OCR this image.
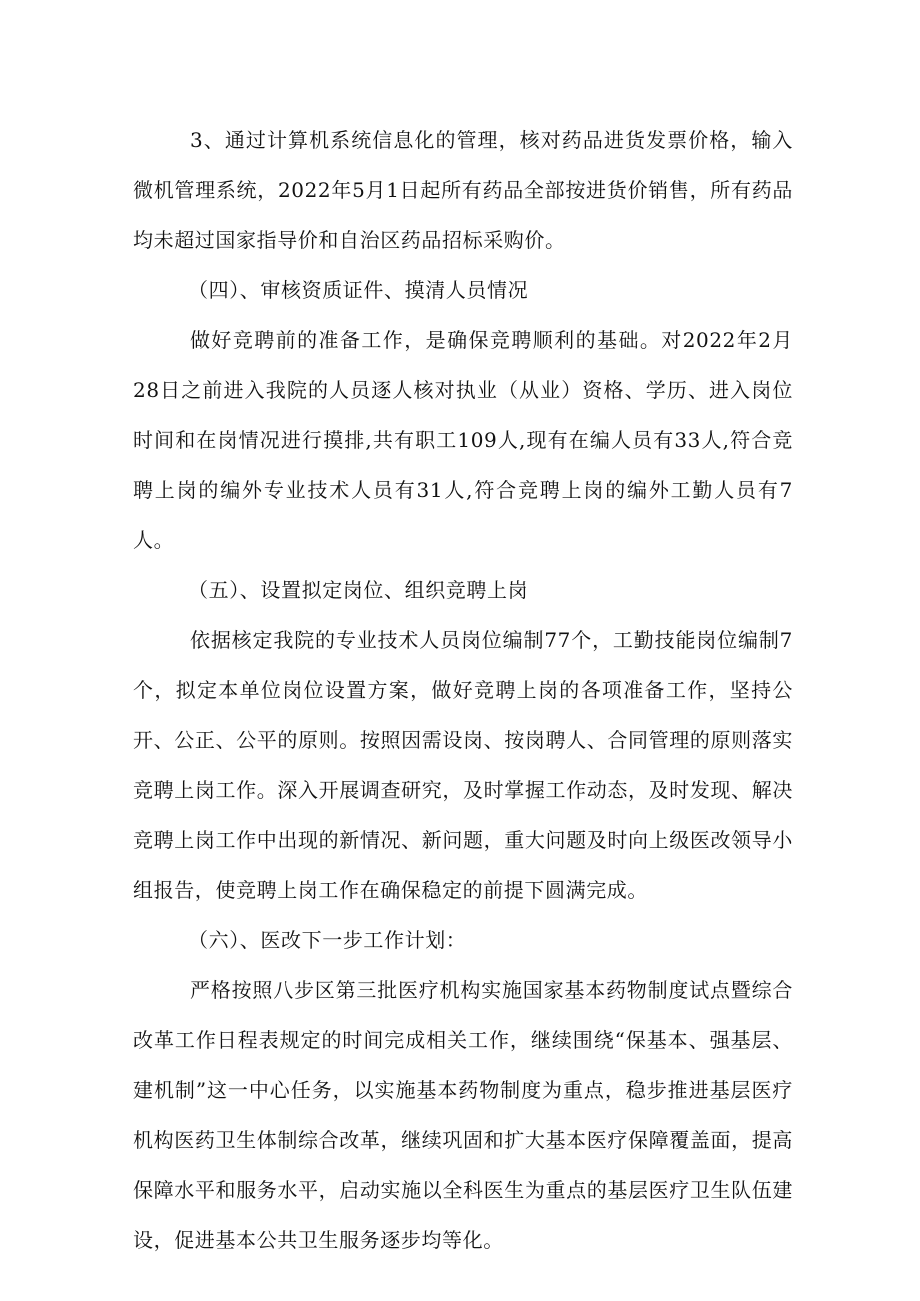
3、通过计算机系统信息化的管理，核对药品进货发票价格，输入微机管理系统，2022年5月1日起所有药品全部按进货价销售，所有药品均未超过国家指导价和自治区药品招标采购价。

（四）、审核资质证件、摸清人员情况

做好竞聘前的准备工作，是确保竞聘顺利的基础。对2022年2月28日之前进入我院的人员逐人核对执业（从业）资格、学历、进入岗位时间和在岗情况进行摸排,共有职工109人,现有在编人员有33人,符合竞聘上岗的编外专业技术人员有31人,符合竞聘上岗的编外工勤人员有7人。

（五）、设置拟定岗位、组织竞聘上岗

依据核定我院的专业技术人员岗位编制77个，工勤技能岗位编制7个，拟定本单位岗位设置方案，做好竞聘上岗的各项准备工作，坚持公开、公正、公平的原则。按照因需设岗、按岗聘人、合同管理的原则落实竞聘上岗工作。深入开展调查研究，及时掌握工作动态，及时发现、解决竞聘上岗工作中出现的新情况、新问题，重大问题及时向上级医改领导小组报告，使竞聘上岗工作在确保稳定的前提下圆满完成。

（六）、医改下一步工作计划：

严格按照八步区第三批医疗机构实施国家基本药物制度试点暨综合改革工作日程表规定的时间完成相关工作，继续围绕“保基本、强基层、建机制”这一中心任务，以实施基本药物制度为重点，稳步推进基层医疗机构医药卫生体制综合改革，继续巩固和扩大基本医疗保障覆盖面，提高保障水平和服务水平，启动实施以全科医生为重点的基层医疗卫生队伍建设，促进基本公共卫生服务逐步均等化。
